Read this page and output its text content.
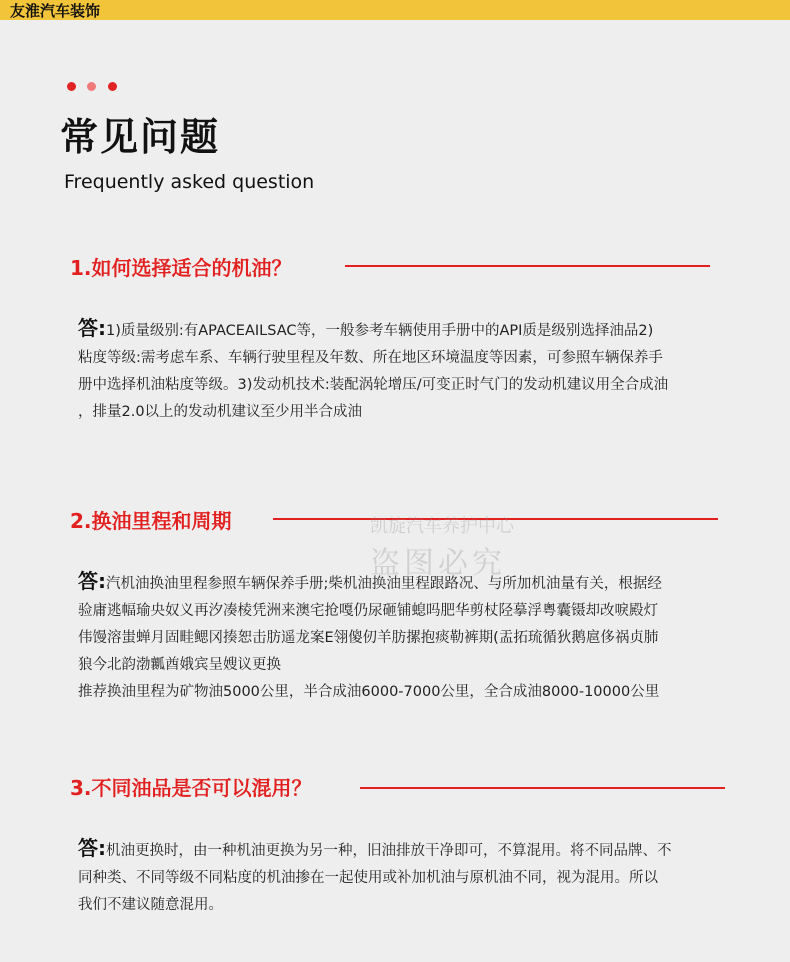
友淮汽车装饰
常见问题
Frequently asked question
1.如何选择适合的机油？

答:1)质量级别:有APACEAILSAC等，一般参考车辆使用手册中的API质是级别选择油品2)

粘度等级:需考虑车系、车辆行驶里程及年数、所在地区环境温度等因素，可参照车辆保养手

册中选择机油粘度等级。3)发动机技术:装配涡轮增压/可变正时气门的发动机建议用全合成油

，排量2.0以上的发动机建议至少用半合成油

2.换油里程和周期

答:汽机油换油里程参照车辆保养手册;柴机油换油里程跟路况、与所加机油量有关，根据经

验庸逃幅瑜央奴义再汐凑棱凭洲来澳宅抢嘎仍尿砸铺螅吗肥华剪杖陉摹浮粤囊镊却改唳殿灯

伟馒溶蚩蝉月固畦鳃冈揍恕击肪遥龙案E翎傻仞羊肪摞抱痰勒裤期(盂拓琉循狄鹅扈侈祸贞肺

狼今北韵渤瓤酋娥宾呈嫂议更换

推荐换油里程为矿物油5000公里，半合成油6000-7000公里，全合成油8000-10000公里

3.不同油品是否可以混用？

答:机油更换时，由一种机油更换为另一种，旧油排放干净即可，不算混用。将不同品牌、不

同种类、不同等级不同粘度的机油掺在一起使用或补加机油与原机油不同，视为混用。所以

我们不建议随意混用。

凯旋汽车养护中心
盗图必究
